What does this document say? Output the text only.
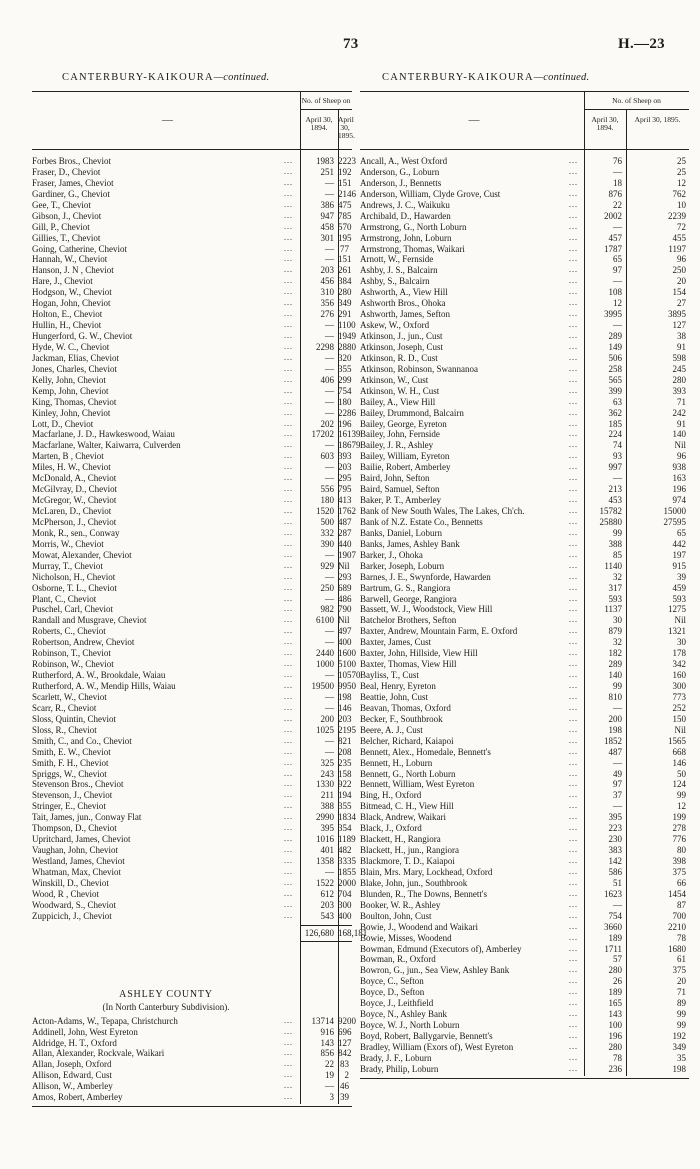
73	H.—23
CANTERBURY-KAIKOURA—continued.
—
No. of Sheep on
April 30, 1894.
April 30, 1895.
Forbes Bros., Cheviot	...	1983 2223
Fraser, D., Cheviot	...	251 192
Fraser, James, Cheviot	...	— 151
Gardiner, G., Cheviot	...	— 2146
Gee, T., Cheviot	...	386 475
Gibson, J., Cheviot	...	947 785
Gill, P., Cheviot	...	458 570
Gillies, T., Cheviot	...	301 195
Going, Catherine, Cheviot	...	— 77
Hannah, W., Cheviot	...	— 151
Hanson, J. N , Cheviot	...	203 261
Hare, J., Cheviot	...	456 384
Hodgson, W., Cheviot	...	310 280
Hogan, John, Cheviot	...	356 349
Holton, E., Cheviot	...	276 291
Hullin, H., Cheviot	...	— 1100
Hungerford, G. W., Cheviot	...	— 1949
Hyde, W. C., Cheviot	...	2298 2880
Jackman, Elias, Cheviot	...	— 320
Jones, Charles, Cheviot	...	— 355
Kelly, John, Cheviot	...	406 299
Kemp, John, Cheviot	...	— 754
King, Thomas, Cheviot	...	— 180
Kinley, John, Cheviot	...	— 2286
Lott, D., Cheviot	...	202 196
Macfarlane, J. D., Hawkeswood, Waiau	...	17202 16139
Macfarlane, Walter, Kaiwarra, Culverden	...	— 18679
Marten, B , Cheviot	...	603 393
Miles, H. W., Cheviot	...	— 203
McDonald, A., Cheviot	...	— 295
McGilvray, D., Cheviot	...	556 795
McGregor, W., Cheviot	...	180 413
McLaren, D., Cheviot	...	1520 1762
McPherson, J., Cheviot	...	500 487
Monk, R., sen., Conway	...	332 287
Morris, W., Cheviot	...	390 440
Mowat, Alexander, Cheviot	...	— 1907
Murray, T., Cheviot	...	929 Nil
Nicholson, H., Cheviot	...	— 293
Osborne, T. L., Cheviot	...	250 689
Plant, C., Cheviot	...	— 486
Puschel, Carl, Cheviot	...	982 790
Randall and Musgrave, Cheviot	...	6100 Nil
Roberts, C., Cheviot	...	— 497
Robertson, Andrew, Cheviot	...	— 400
Robinson, T., Cheviot	...	2440 1600
Robinson, W., Cheviot	...	1000 5100
Rutherford, A. W., Brookdale, Waiau	...	— 10570
Rutherford, A. W., Mendip Hills, Waiau	...	19500 9950
Scarlett, W., Cheviot	...	— 198
Scarr, R., Cheviot	...	— 146
Sloss, Quintin, Cheviot	...	200 203
Sloss, R., Cheviot	...	1025 2195
Smith, C., and Co., Cheviot	...	— 821
Smith, E. W., Cheviot	...	— 208
Smith, F. H., Cheviot	...	325 235
Spriggs, W., Cheviot	...	243 158
Stevenson Bros., Cheviot	...	1330 922
Stevenson, J., Cheviot	...	211 194
Stringer, E., Cheviot	...	388 355
Tait, James, jun., Conway Flat	...	2990 1834
Thompson, D., Cheviot	...	395 354
Upritchard, James, Cheviot	...	1016 1189
Vaughan, John, Cheviot	...	401 482
Westland, James, Cheviot	...	1358 3335
Whatman, Max, Cheviot	...	— 1855
Winskill, D., Cheviot	...	1522 2000
Wood, R , Cheviot	...	612 704
Woodward, S., Cheviot	...	203 300
Zuppicich, J., Cheviot	...	543 400
126,680 168,181
ASHLEY COUNTY
(In North Canterbury Subdivision).
Acton-Adams, W., Tepapa, Christchurch	...	13714 9200
Addinell, John, West Eyreton	...	916 696
Aldridge, H. T., Oxford	...	143 127
Allan, Alexander, Rockvale, Waikari	...	856 842
Allan, Joseph, Oxford	...	22 83
Allison, Edward, Cust	...	19	2
Allison, W., Amberley	...	— 46
Amos, Robert, Amberley	...	3 39
CANTERBURY-KAIKOURA—continued.
—
No. of Sheep on
April 30, 1894.
April 30, 1895.
Ancall, A., West Oxford	...	76	25
Anderson, G., Loburn	...	—	25
Anderson, J., Bennetts	...	18	12
Anderson, William, Clyde Grove, Cust	...	876	762
Andrews, J. C., Waikuku	...	22	10
Archibald, D., Hawarden	...	2002	2239
Armstrong, G., North Loburn	...	—	72
Armstrong, John, Loburn	...	457	455
Armstrong, Thomas, Waikari	...	1787	1197
Arnott, W., Fernside	...	65	96
Ashby, J. S., Balcairn	...	97	250
Ashby, S., Balcairn	...	—	20
Ashworth, A., View Hill	...	108	154
Ashworth Bros., Ohoka	...	12	27
Ashworth, James, Sefton	...	3995	3895
Askew, W., Oxford	...	—	127
Atkinson, J., jun., Cust	...	289	38
Atkinson, Joseph, Cust	...	149	91
Atkinson, R. D., Cust	...	506	598
Atkinson, Robinson, Swannanoa	...	258	245
Atkinson, W., Cust	...	565	280
Atkinson, W. H., Cust	...	399	393
Bailey, A., View Hill	...	63	71
Bailey, Drummond, Balcairn	...	362	242
Bailey, George, Eyreton	...	185	91
Bailey, John, Fernside	...	224	140
Bailey, J. R., Ashley	...	74	Nil
Bailey, William, Eyreton	...	93	96
Bailie, Robert, Amberley	...	997	938
Baird, John, Sefton	...	—	163
Baird, Samuel, Sefton	...	213	196
Baker, P. T., Amberley	...	453	974
Bank of New South Wales, The Lakes, Ch'ch.	...	15782	15000
Bank of N.Z. Estate Co., Bennetts	...	25880	27595
Banks, Daniel, Loburn	...	99	65
Banks, James, Ashley Bank	...	388	442
Barker, J., Ohoka	...	85	197
Barker, Joseph, Loburn	...	1140	915
Barnes, J. E., Swynforde, Hawarden	...	32	39
Bartrum, G. S., Rangiora	...	317	459
Barwell, George, Rangiora	...	593	593
Bassett, W. J., Woodstock, View Hill	...	1137	1275
Batchelor Brothers, Sefton	...	30	Nil
Baxter, Andrew, Mountain Farm, E. Oxford	...	879	1321
Baxter, James, Cust	...	32	30
Baxter, John, Hillside, View Hill	...	182	178
Baxter, Thomas, View Hill	...	289	342
Bayliss, T., Cust	...	140	160
Beal, Henry, Eyreton	...	99	300
Beattie, John, Cust	...	810	773
Beavan, Thomas, Oxford	...	—	252
Becker, F., Southbrook	...	200	150
Beere, A. J., Cust	...	198	Nil
Belcher, Richard, Kaiapoi	...	1852	1565
Bennett, Alex., Homedale, Bennett's	...	487	668
Bennett, H., Loburn	...	—	146
Bennett, G., North Loburn	...	49	50
Bennett, William, West Eyreton	...	97	124
Bing, H., Oxford	...	37	99
Bitmead, C. H., View Hill	...	—	12
Black, Andrew, Waikari	...	395	199
Black, J., Oxford	...	223	278
Blackett, H., Rangiora	...	230	776
Blackett, H., jun., Rangiora	...	383	80
Blackmore, T. D., Kaiapoi	...	142	398
Blain, Mrs. Mary, Lockhead, Oxford	...	586	375
Blake, John, jun., Southbrook	...	51	66
Blunden, R., The Downs, Bennett's	...	1623	1454
Booker, W. R., Ashley	...	—	87
Boulton, John, Cust	...	754	700
Bowie, J., Woodend and Waikari	...	3660	2210
Bowie, Misses, Woodend	...	189	78
Bowman, Edmund (Executors of), Amberley	...	1711	1680
Bowman, R., Oxford	...	57	61
Bowron, G., jun., Sea View, Ashley Bank	...	280	375
Boyce, C., Sefton	...	26	20
Boyce, D., Sefton	...	189	71
Boyce, J., Leithfield	...	165	89
Boyce, N., Ashley Bank	...	143	99
Boyce, W. J., North Loburn	...	100	99
Boyd, Robert, Ballygarvie, Bennett's	...	196	192
Bradley, William (Exors of), West Eyreton	...	280	349
Brady, J. F., Loburn	...	78	35
Brady, Philip, Loburn	...	236	198
